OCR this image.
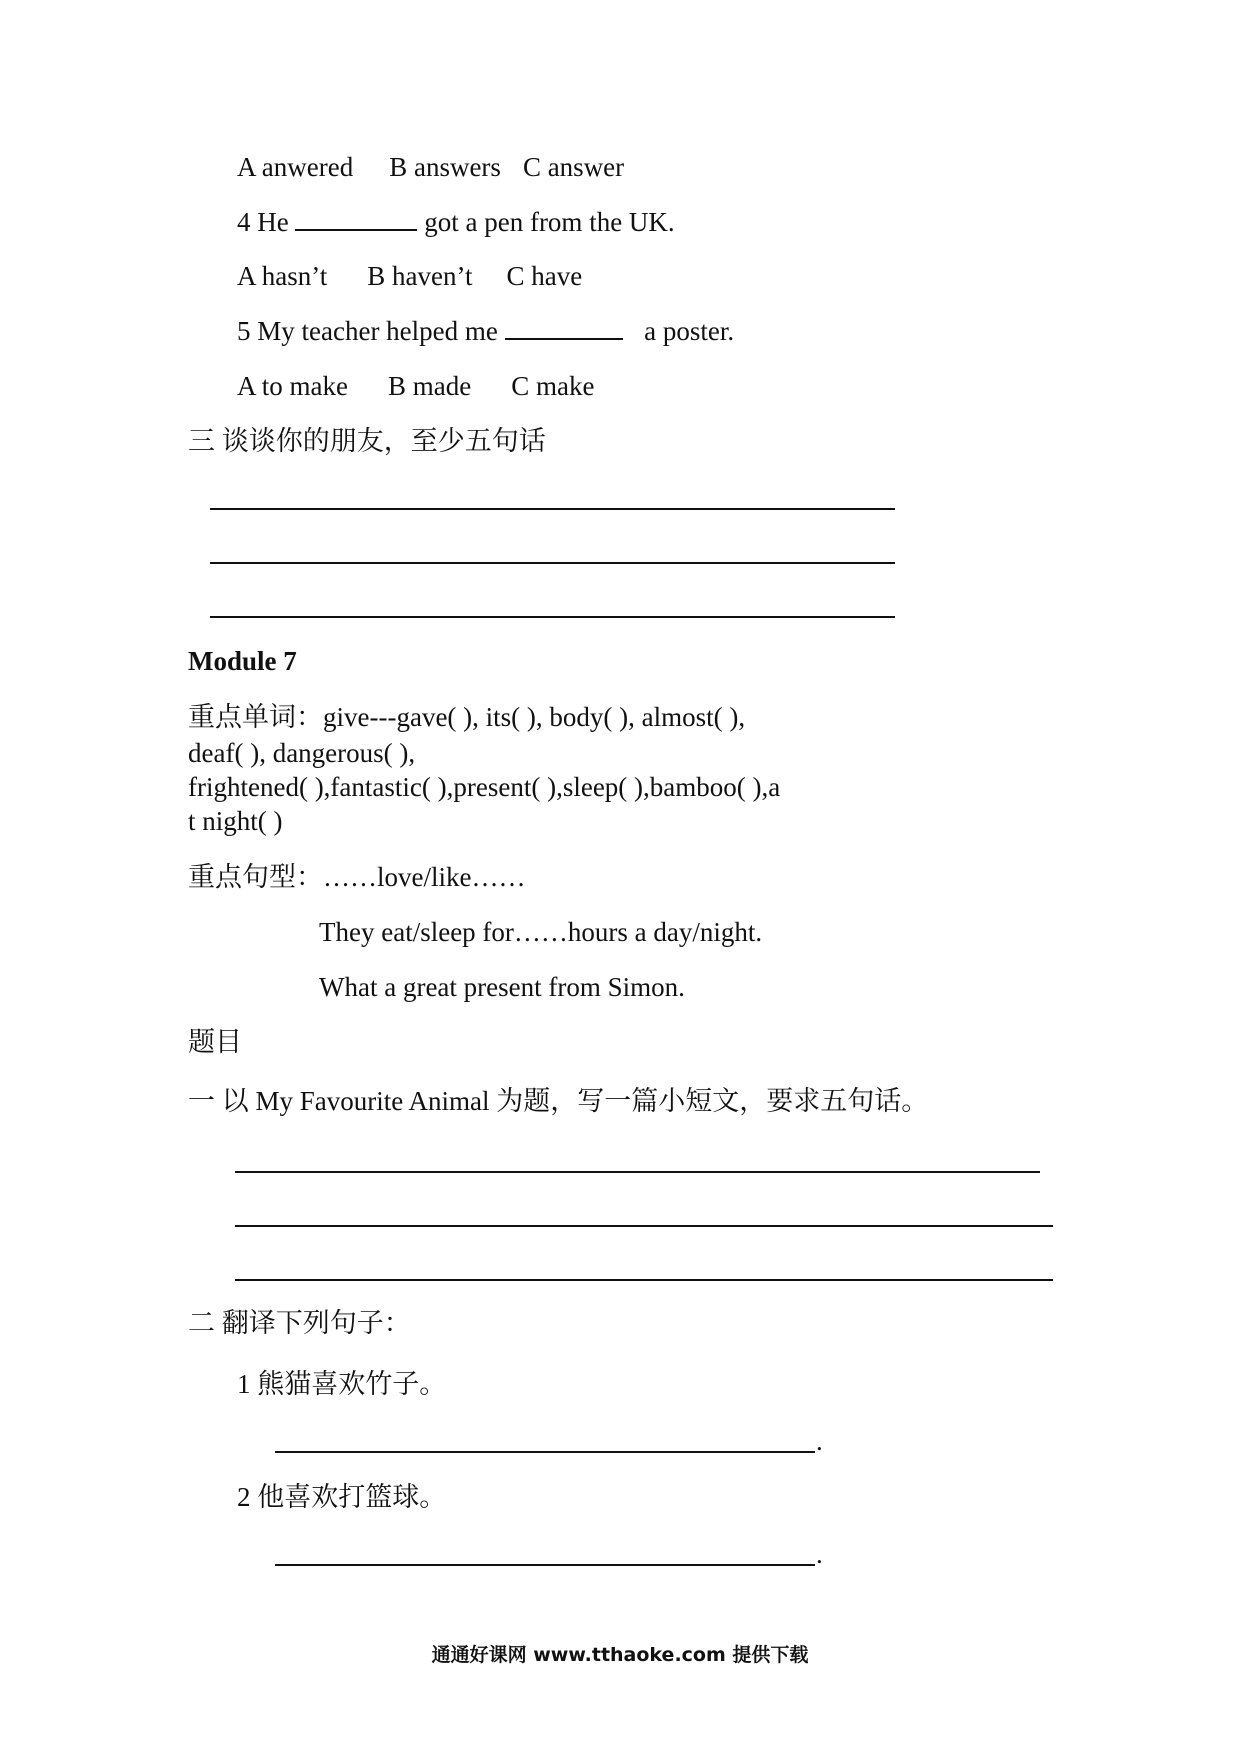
A anwered B answers C answer
4 He	got a pen from the UK.
A hasn’t B haven’t C have
5 My teacher helped me	a poster.
A to make B made C make
三 谈谈你的朋友，至少五句话
Module 7
重点单词：give---gave( ), its( ), body( ), almost( ),
deaf( ), dangerous( ),
frightened( ),fantastic( ),present( ),sleep( ),bamboo( ),a
t night( )
重点句型：……love/like……
They eat/sleep for……hours a day/night.
What a great present from Simon.
题目
一 以 My Favourite Animal 为题，写一篇小短文，要求五句话。
二 翻译下列句子：
1 熊猫喜欢竹子。
.
2 他喜欢打篮球。
.
通通好课网 www.tthaoke.com 提供下载
